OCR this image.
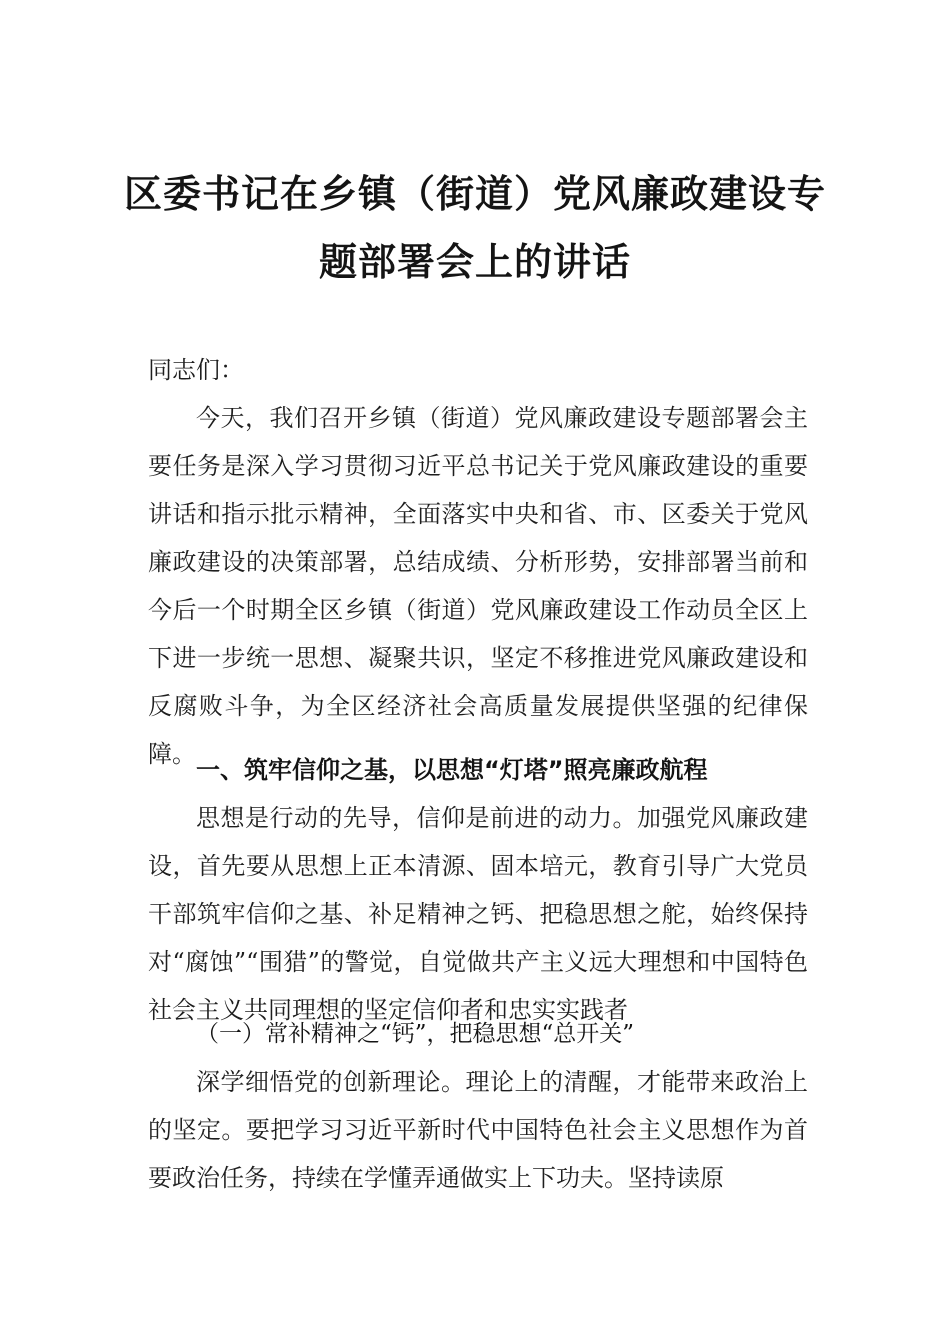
区委书记在乡镇（街道）党风廉政建设专
题部署会上的讲话
同志们：
今天，我们召开乡镇（街道）党风廉政建设专题部署会主要任务是深入学习贯彻习近平总书记关于党风廉政建设的重要讲话和指示批示精神，全面落实中央和省、市、区委关于党风廉政建设的决策部署，总结成绩、分析形势，安排部署当前和今后一个时期全区乡镇（街道）党风廉政建设工作动员全区上下进一步统一思想、凝聚共识，坚定不移推进党风廉政建设和反腐败斗争，为全区经济社会高质量发展提供坚强的纪律保障。
一、筑牢信仰之基，以思想“灯塔”照亮廉政航程
思想是行动的先导，信仰是前进的动力。加强党风廉政建设，首先要从思想上正本清源、固本培元，教育引导广大党员干部筑牢信仰之基、补足精神之钙、把稳思想之舵，始终保持对“腐蚀”“围猎”的警觉，自觉做共产主义远大理想和中国特色社会主义共同理想的坚定信仰者和忠实实践者
（一）常补精神之“钙”，把稳思想“总开关”
深学细悟党的创新理论。理论上的清醒，才能带来政治上的坚定。要把学习习近平新时代中国特色社会主义思想作为首要政治任务，持续在学懂弄通做实上下功夫。坚持读原
